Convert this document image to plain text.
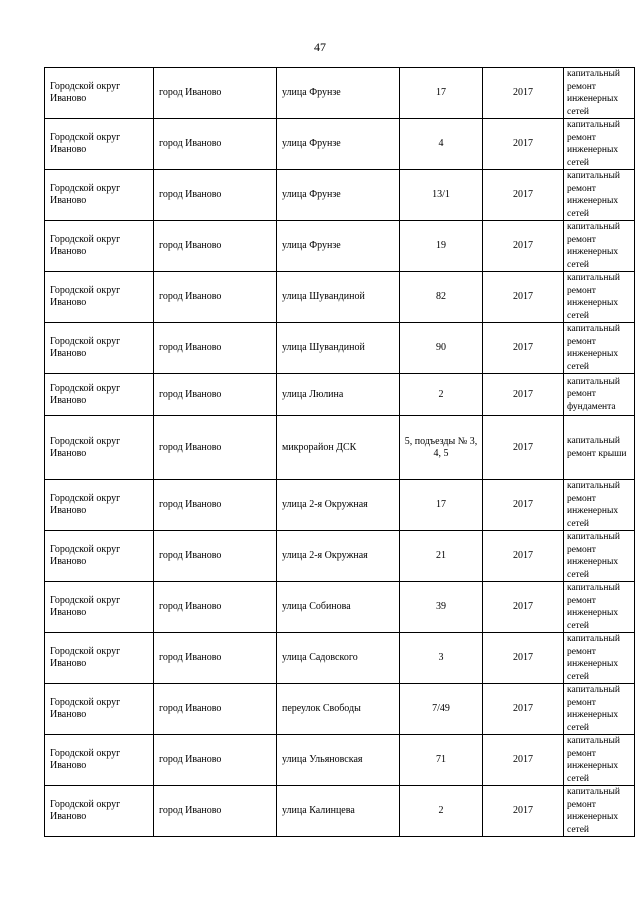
47
Городской округ Иваново	город Иваново	улица Фрунзе	17	2017	капитальный ремонт инженерных сетей
Городской округ Иваново	город Иваново	улица Фрунзе	4	2017	капитальный ремонт инженерных сетей
Городской округ Иваново	город Иваново	улица Фрунзе	13/1	2017	капитальный ремонт инженерных сетей
Городской округ Иваново	город Иваново	улица Фрунзе	19	2017	капитальный ремонт инженерных сетей
Городской округ Иваново	город Иваново	улица Шувандиной	82	2017	капитальный ремонт инженерных сетей
Городской округ Иваново	город Иваново	улица Шувандиной	90	2017	капитальный ремонт инженерных сетей
Городской округ Иваново	город Иваново	улица Люлина	2	2017	капитальный ремонт фундамента
Городской округ Иваново	город Иваново	микрорайон ДСК	5, подъезды № 3, 4, 5	2017	капитальный ремонт крыши
Городской округ Иваново	город Иваново	улица 2-я Окружная	17	2017	капитальный ремонт инженерных сетей
Городской округ Иваново	город Иваново	улица 2-я Окружная	21	2017	капитальный ремонт инженерных сетей
Городской округ Иваново	город Иваново	улица Собинова	39	2017	капитальный ремонт инженерных сетей
Городской округ Иваново	город Иваново	улица Садовского	3	2017	капитальный ремонт инженерных сетей
Городской округ Иваново	город Иваново	переулок Свободы	7/49	2017	капитальный ремонт инженерных сетей
Городской округ Иваново	город Иваново	улица Ульяновская	71	2017	капитальный ремонт инженерных сетей
Городской округ Иваново	город Иваново	улица Калинцева	2	2017	капитальный ремонт инженерных сетей
